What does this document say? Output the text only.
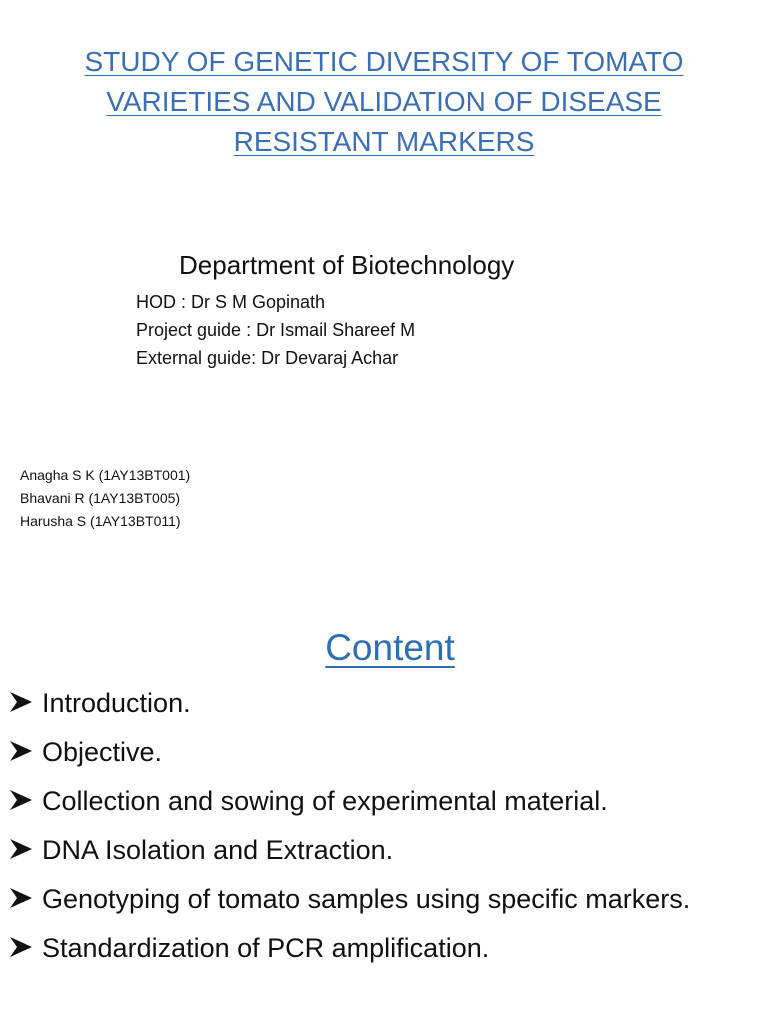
STUDY OF GENETIC DIVERSITY OF TOMATO
VARIETIES AND VALIDATION OF DISEASE
RESISTANT MARKERS
Department of Biotechnology
HOD : Dr S M Gopinath
Project guide : Dr Ismail Shareef M
External guide: Dr Devaraj Achar
Anagha S K (1AY13BT001)
Bhavani R (1AY13BT005)
Harusha S (1AY13BT011)
Content
Introduction.
Objective.
Collection and sowing of experimental material.
DNA Isolation and Extraction.
Genotyping of tomato samples using specific markers.
Standardization of PCR amplification.
